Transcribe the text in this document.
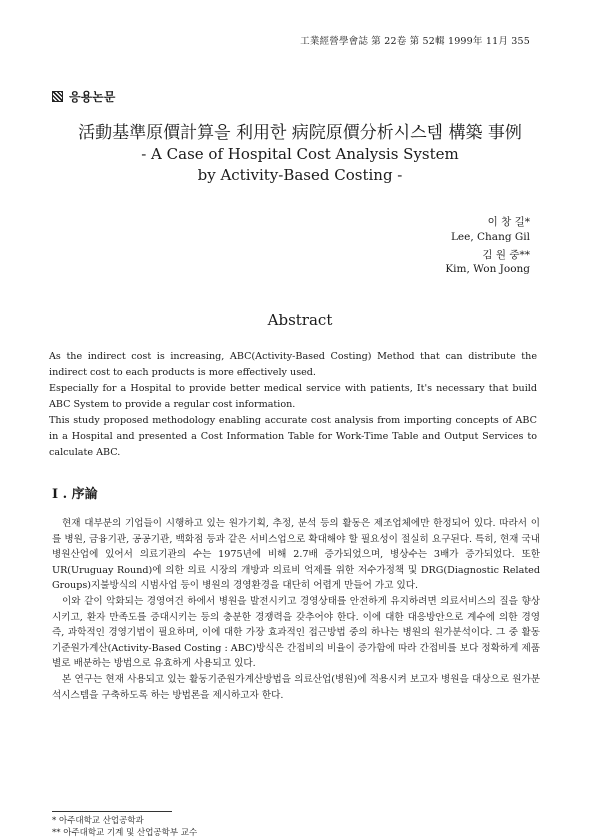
工業經營學會誌 第 22卷 第 52輯 1999年 11月 355
응용논문
活動基準原價計算을 利用한 病院原價分析시스템 構築 事例
- A Case of Hospital Cost Analysis System
by Activity-Based Costing -
이 창 길*
Lee, Chang Gil
김 원 중**
Kim, Won Joong
Abstract

As the indirect cost is increasing, ABC(Activity-Based Costing) Method that can distribute the indirect cost to each products is more effectively used.

Especially for a Hospital to provide better medical service with patients, It's necessary that build ABC System to provide a regular cost information.

This study proposed methodology enabling accurate cost analysis from importing concepts of ABC in a Hospital and presented a Cost Information Table for Work-Time Table and Output Services to calculate ABC.

I . 序論

현재 대부분의 기업들이 시행하고 있는 원가기획, 추정, 분석 등의 활동은 제조업체에만 한정되어 있다. 따라서 이를 병원, 금융기관, 공공기관, 백화점 등과 같은 서비스업으로 확대해야 할 필요성이 절실히 요구된다. 특히, 현재 국내 병원산업에 있어서 의료기관의 수는 1975년에 비해 2.7배 증가되었으며, 병상수는 3배가 증가되었다. 또한 UR(Uruguay Round)에 의한 의료 시장의 개방과 의료비 억제를 위한 저수가정책 및 DRG(Diagnostic Related Groups)지불방식의 시범사업 등이 병원의 경영환경을 대단히 어렵게 만들어 가고 있다.

이와 같이 악화되는 경영여건 하에서 병원을 발전시키고 경영상태를 안전하게 유지하려면 의료서비스의 질을 향상시키고, 환자 만족도를 증대시키는 등의 충분한 경쟁력을 갖추어야 한다. 이에 대한 대응방안으로 계수에 의한 경영 즉, 과학적인 경영기법이 필요하며, 이에 대한 가장 효과적인 접근방법 중의 하나는 병원의 원가분석이다. 그 중 활동기준원가계산(Activity-Based Costing : ABC)방식은 간접비의 비율이 증가함에 따라 간접비를 보다 정확하게 제품별로 배분하는 방법으로 유효하게 사용되고 있다.

본 연구는 현재 사용되고 있는 활동기준원가계산방법을 의료산업(병원)에 적용시켜 보고자 병원을 대상으로 원가분석시스템을 구축하도록 하는 방법론을 제시하고자 한다.

* 아주대학교 산업공학과
** 아주대학교 기계 및 산업공학부 교수
